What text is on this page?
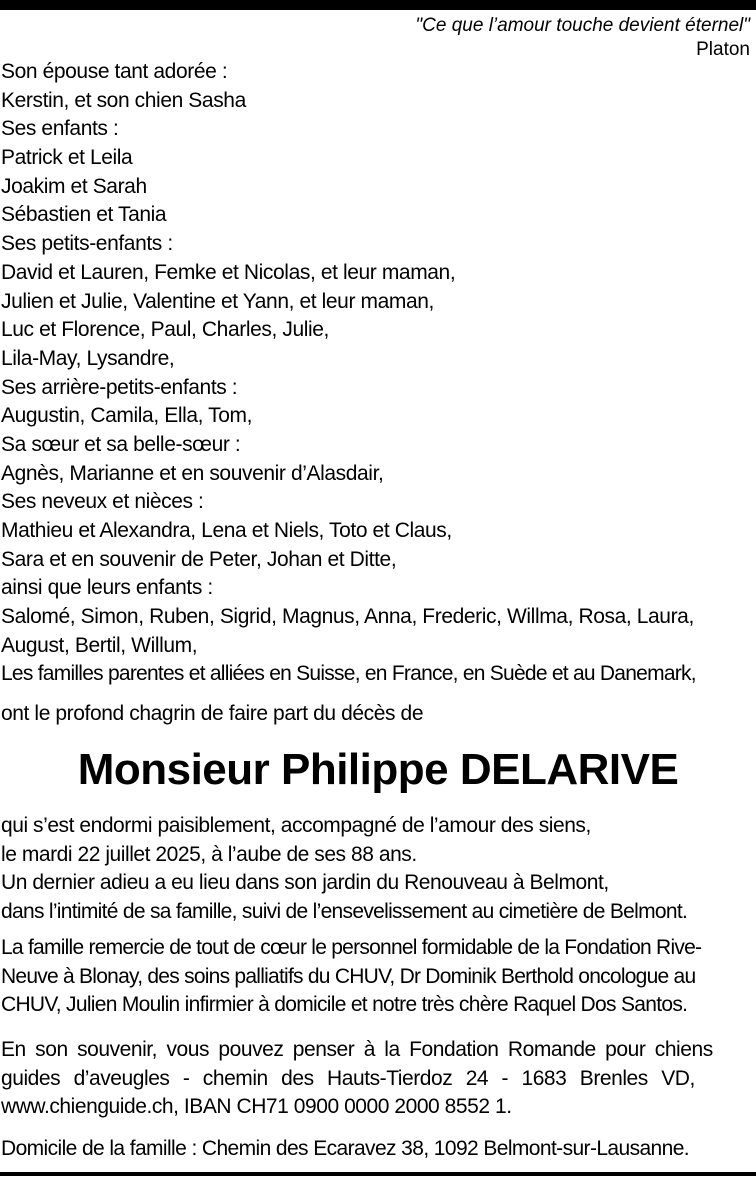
"Ce que l’amour touche devient éternel"
Platon
Son épouse tant adorée :
Kerstin, et son chien Sasha
Ses enfants :
Patrick et Leila
Joakim et Sarah
Sébastien et Tania
Ses petits-enfants :
David et Lauren, Femke et Nicolas, et leur maman,
Julien et Julie, Valentine et Yann, et leur maman,
Luc et Florence, Paul, Charles, Julie,
Lila-May, Lysandre,
Ses arrière-petits-enfants :
Augustin, Camila, Ella, Tom,
Sa sœur et sa belle-sœur :
Agnès, Marianne et en souvenir d’Alasdair,
Ses neveux et nièces :
Mathieu et Alexandra, Lena et Niels, Toto et Claus,
Sara et en souvenir de Peter, Johan et Ditte,
ainsi que leurs enfants :
Salomé, Simon, Ruben, Sigrid, Magnus, Anna, Frederic, Willma, Rosa, Laura,
August, Bertil, Willum,
Les familles parentes et alliées en Suisse, en France, en Suède et au Danemark,
ont le profond chagrin de faire part du décès de
Monsieur Philippe DELARIVE
qui s’est endormi paisiblement, accompagné de l’amour des siens,
le mardi 22 juillet 2025, à l’aube de ses 88 ans.
Un dernier adieu a eu lieu dans son jardin du Renouveau à Belmont,
dans l’intimité de sa famille, suivi de l’ensevelissement au cimetière de Belmont.
La famille remercie de tout de cœur le personnel formidable de la Fondation Rive-
Neuve à Blonay, des soins palliatifs du CHUV, Dr Dominik Berthold oncologue au
CHUV, Julien Moulin infirmier à domicile et notre très chère Raquel Dos Santos.
En son souvenir, vous pouvez penser à la Fondation Romande pour chiens
guides d’aveugles - chemin des Hauts-Tierdoz 24 - 1683 Brenles VD,
www.chienguide.ch, IBAN CH71 0900 0000 2000 8552 1.
Domicile de la famille : Chemin des Ecaravez 38, 1092 Belmont-sur-Lausanne.
